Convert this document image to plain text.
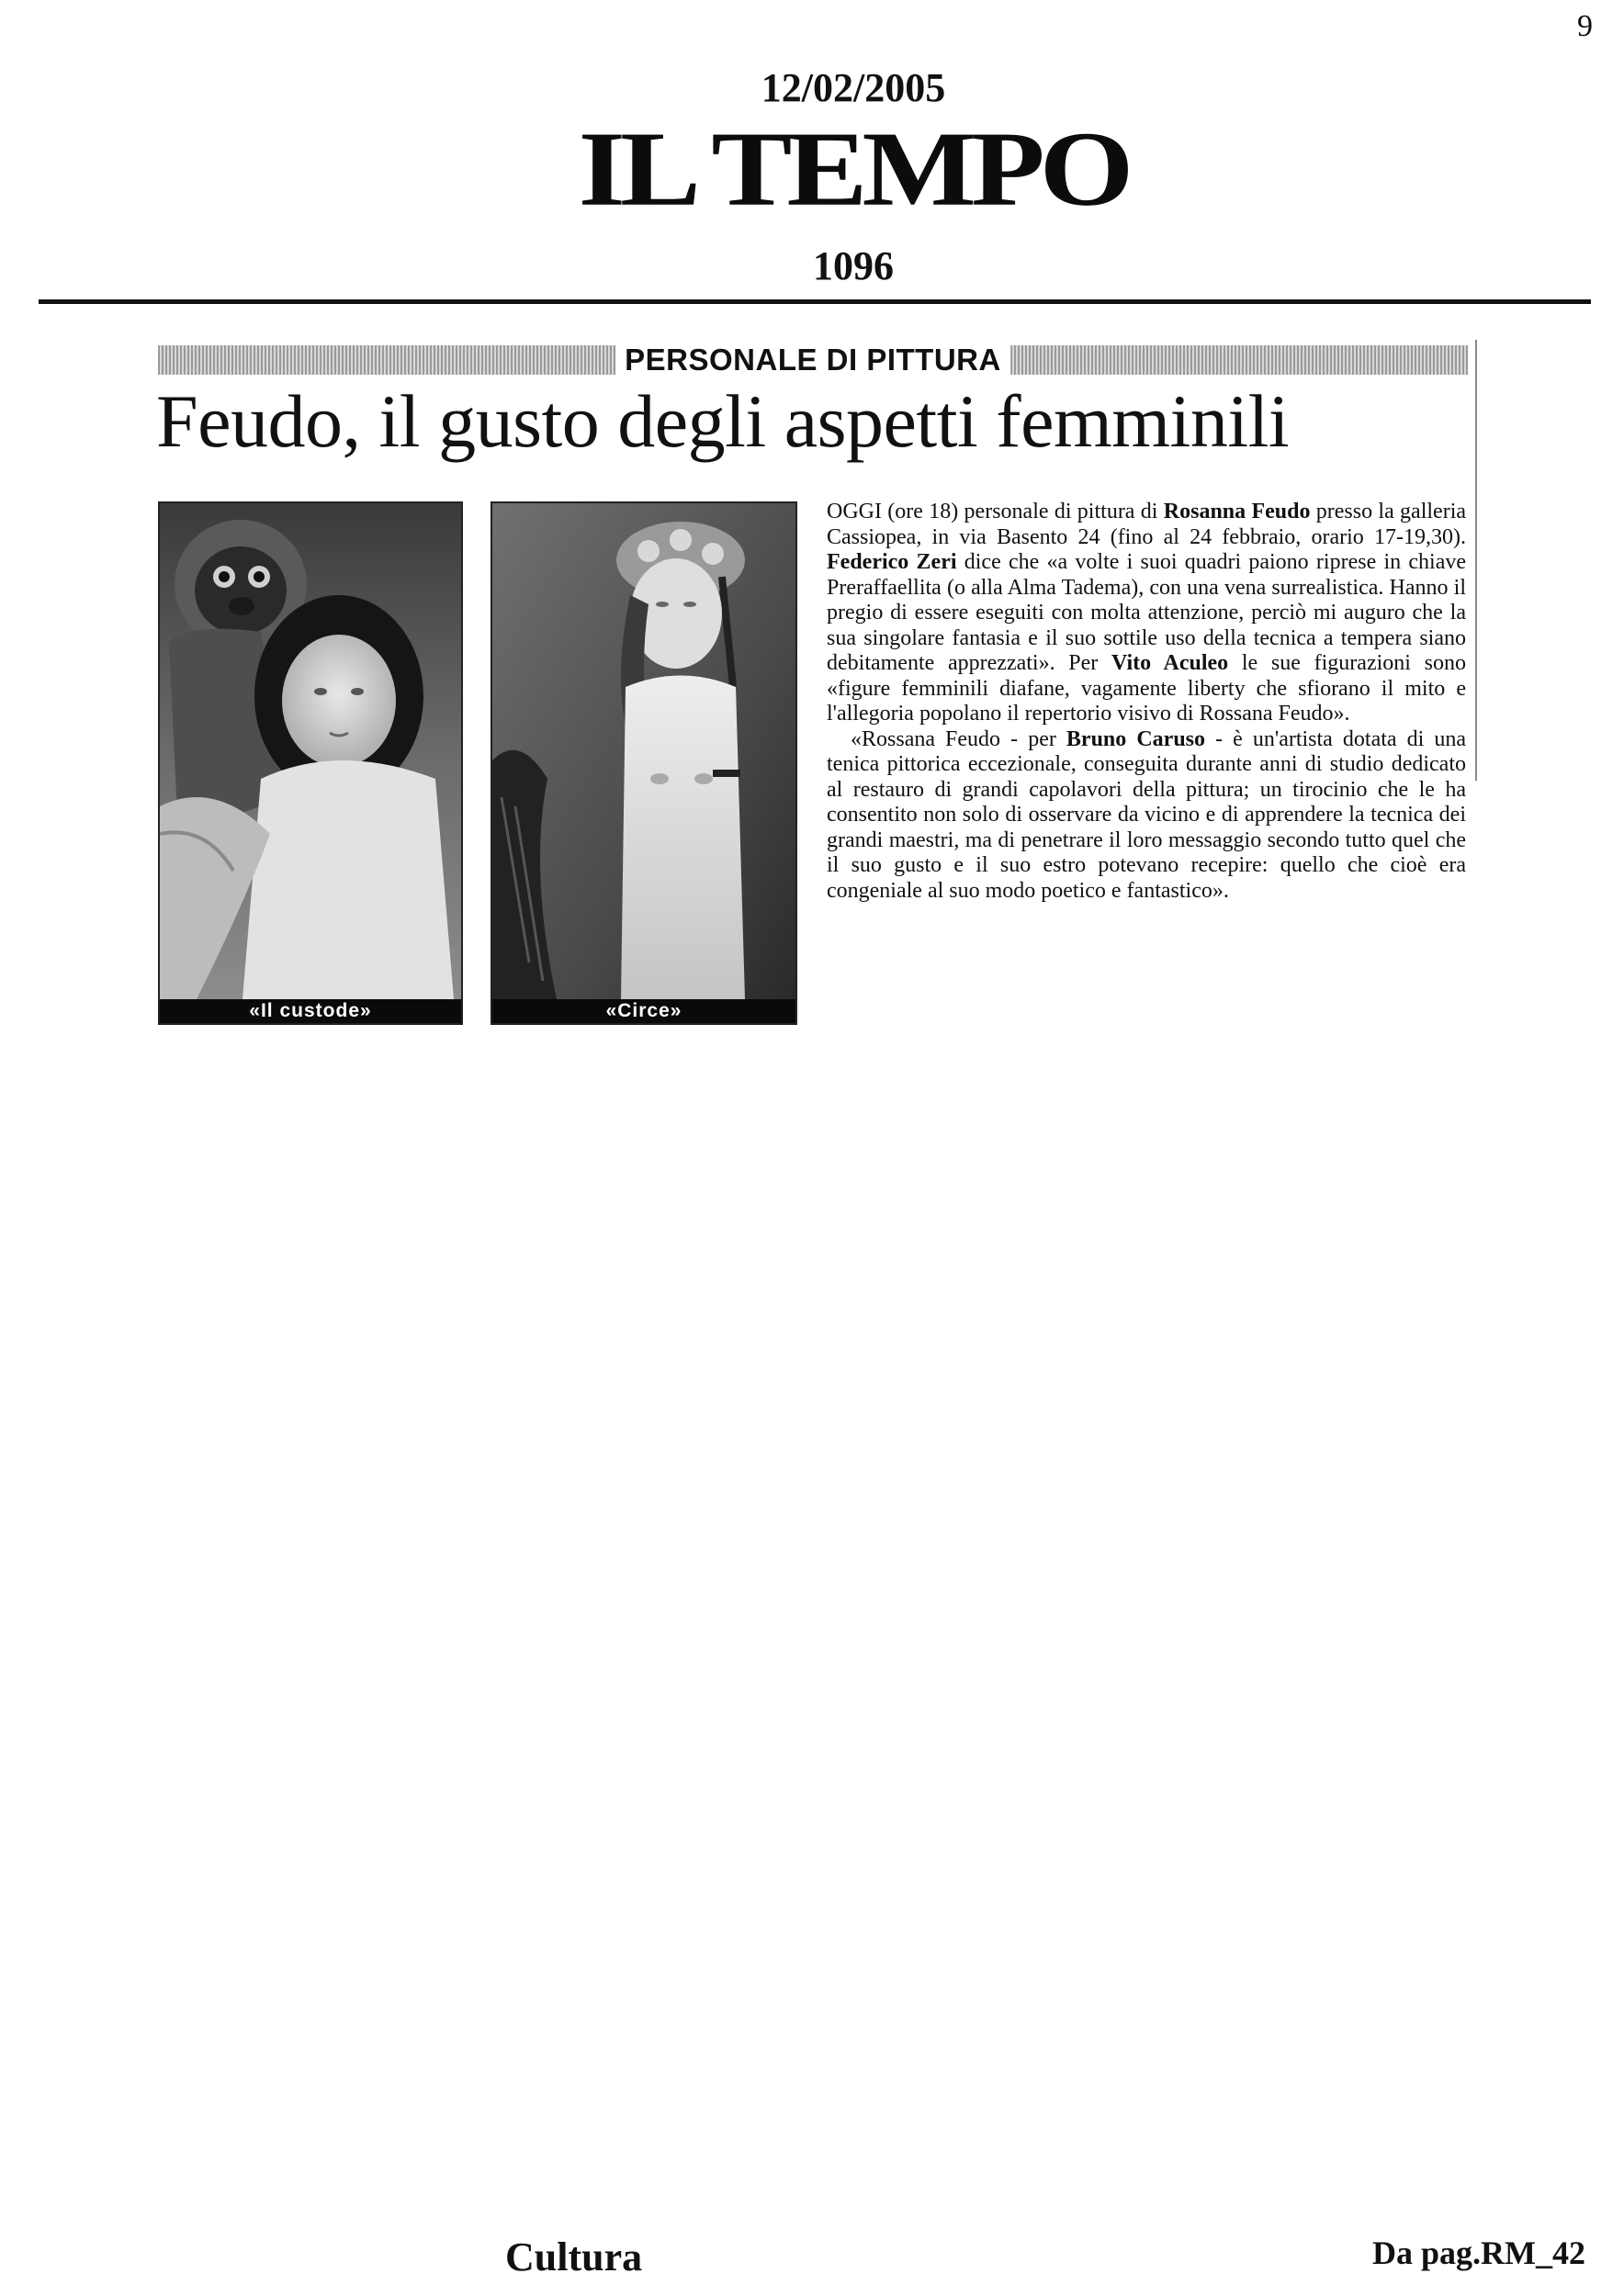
9
12/02/2005
IL TEMPO
1096
PERSONALE DI PITTURA
Feudo, il gusto degli aspetti femminili
«Il custode»	«Circe»

OGGI (ore 18) personale di pittura di Rosanna Feudo presso la galleria Cassiopea, in via Basento 24 (fino al 24 febbraio, orario 17-19,30). Federico Zeri dice che «a volte i suoi quadri paiono riprese in chiave Preraffaellita (o alla Alma Tadema), con una vena surrealistica. Hanno il pregio di essere eseguiti con molta attenzione, perciò mi auguro che la sua singolare fantasia e il suo sottile uso della tecnica a tempera siano debitamente apprezzati». Per Vito Aculeo le sue figurazioni sono «figure femminili diafane, vagamente liberty che sfiorano il mito e l'allegoria popolano il repertorio visivo di Rossana Feudo».

«Rossana Feudo - per Bruno Caruso - è un'artista dotata di una tenica pittorica eccezionale, conseguita durante anni di studio dedicato al restauro di grandi capolavori della pittura; un tirocinio che le ha consentito non solo di osservare da vicino e di apprendere la tecnica dei grandi maestri, ma di penetrare il loro messaggio secondo tutto quel che il suo gusto e il suo estro potevano recepire: quello che cioè era congeniale al suo modo poetico e fantastico».

Cultura	Da pag.RM_42
